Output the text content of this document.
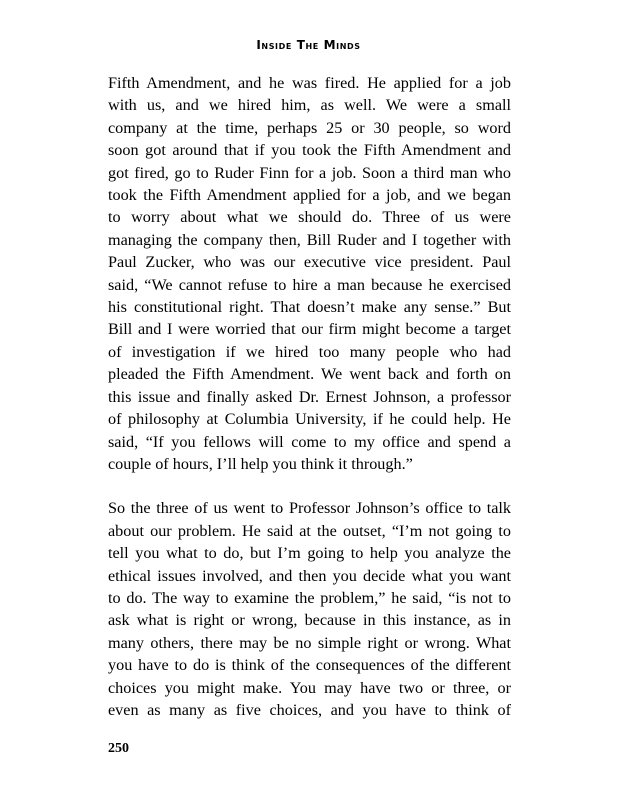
Inside The Minds

Fifth Amendment, and he was fired. He applied for a job

with us, and we hired him, as well. We were a small

company at the time, perhaps 25 or 30 people, so word

soon got around that if you took the Fifth Amendment and

got fired, go to Ruder Finn for a job. Soon a third man who

took the Fifth Amendment applied for a job, and we began

to worry about what we should do. Three of us were

managing the company then, Bill Ruder and I together with

Paul Zucker, who was our executive vice president. Paul

said, “We cannot refuse to hire a man because he exercised

his constitutional right. That doesn’t make any sense.” But

Bill and I were worried that our firm might become a target

of investigation if we hired too many people who had

pleaded the Fifth Amendment. We went back and forth on

this issue and finally asked Dr. Ernest Johnson, a professor

of philosophy at Columbia University, if he could help. He

said, “If you fellows will come to my office and spend a

couple of hours, I’ll help you think it through.”

So the three of us went to Professor Johnson’s office to talk

about our problem. He said at the outset, “I’m not going to

tell you what to do, but I’m going to help you analyze the

ethical issues involved, and then you decide what you want

to do. The way to examine the problem,” he said, “is not to

ask what is right or wrong, because in this instance, as in

many others, there may be no simple right or wrong. What

you have to do is think of the consequences of the different

choices you might make. You may have two or three, or

even as many as five choices, and you have to think of

250
